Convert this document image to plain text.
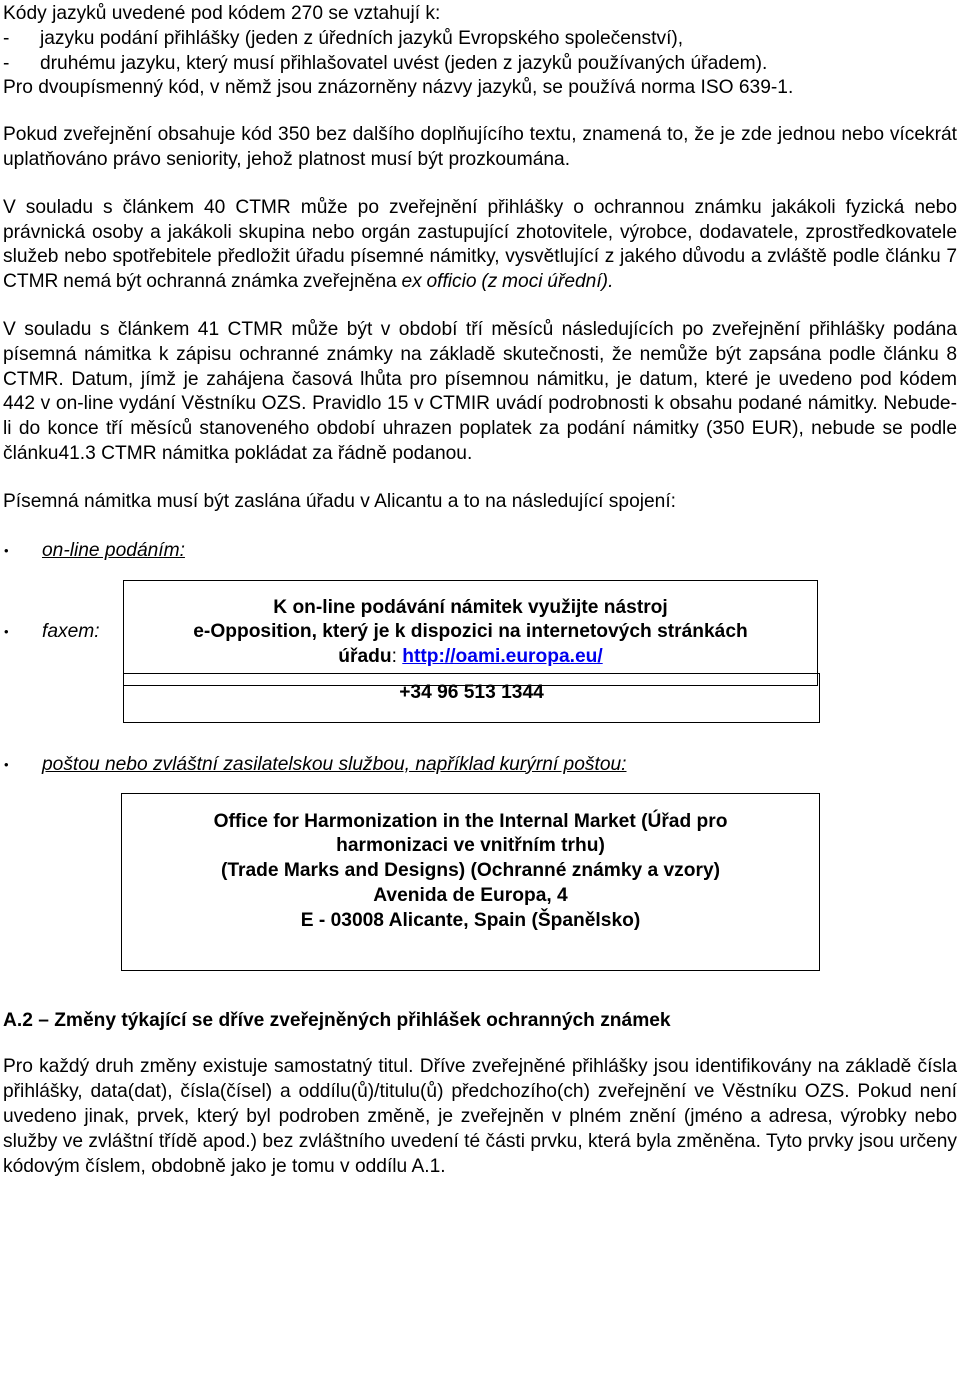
Kódy jazyků uvedené pod kódem 270 se vztahují k:

- jazyku podání přihlášky (jeden z úředních jazyků Evropského společenství),

- druhému jazyku, který musí přihlašovatel uvést (jeden z jazyků používaných úřadem).

Pro dvoupísmenný kód, v němž jsou znázorněny názvy jazyků, se používá norma ISO 639-1.

Pokud zveřejnění obsahuje kód 350 bez dalšího doplňujícího textu, znamená to, že je zde jednou nebo vícekrát uplatňováno právo seniority, jehož platnost musí být prozkoumána.

V souladu s článkem 40 CTMR může po zveřejnění přihlášky o ochrannou známku jakákoli fyzická nebo právnická osoby a jakákoli skupina nebo orgán zastupující zhotovitele, výrobce, dodavatele, zprostředkovatele služeb nebo spotřebitele předložit úřadu písemné námitky, vysvětlující z jakého důvodu a zvláště podle článku 7 CTMR nemá být ochranná známka zveřejněna ex officio (z moci úřední).

V souladu s článkem 41 CTMR může být v období tří měsíců následujících po zveřejnění přihlášky podána písemná námitka k zápisu ochranné známky na základě skutečnosti, že nemůže být zapsána podle článku 8 CTMR. Datum, jímž je zahájena časová lhůta pro písemnou námitku, je datum, které je uvedeno pod kódem 442 v on-line vydání Věstníku OZS. Pravidlo 15 v CTMIR uvádí podrobnosti k obsahu podané námitky. Nebude-li do konce tří měsíců stanoveného období uhrazen poplatek za podání námitky (350 EUR), nebude se podle článku41.3 CTMR námitka pokládat za řádně podanou.

Písemná námitka musí být zaslána úřadu v Alicantu a to na následující spojení:

•	on-line podáním:

K on-line podávání námitek využijte nástroj

e-Opposition, který je k dispozici na internetových stránkách

úřadu: http://oami.europa.eu/

•	faxem:

+34 96 513 1344

•	poštou nebo zvláštní zasilatelskou službou, například kurýrní poštou:

Office for Harmonization in the Internal Market (Úřad pro

harmonizaci ve vnitřním trhu)

(Trade Marks and Designs) (Ochranné známky a vzory)

Avenida de Europa, 4

E - 03008 Alicante, Spain (Španělsko)

A.2 – Změny týkající se dříve zveřejněných přihlášek ochranných známek

Pro každý druh změny existuje samostatný titul. Dříve zveřejněné přihlášky jsou identifikovány na základě čísla přihlášky, data(dat), čísla(čísel) a oddílu(ů)/titulu(ů) předchozího(ch) zveřejnění ve Věstníku OZS. Pokud není uvedeno jinak, prvek, který byl podroben změně, je zveřejněn v plném znění (jméno a adresa, výrobky nebo služby ve zvláštní třídě apod.) bez zvláštního uvedení té části prvku, která byla změněna. Tyto prvky jsou určeny kódovým číslem, obdobně jako je tomu v oddílu A.1.
